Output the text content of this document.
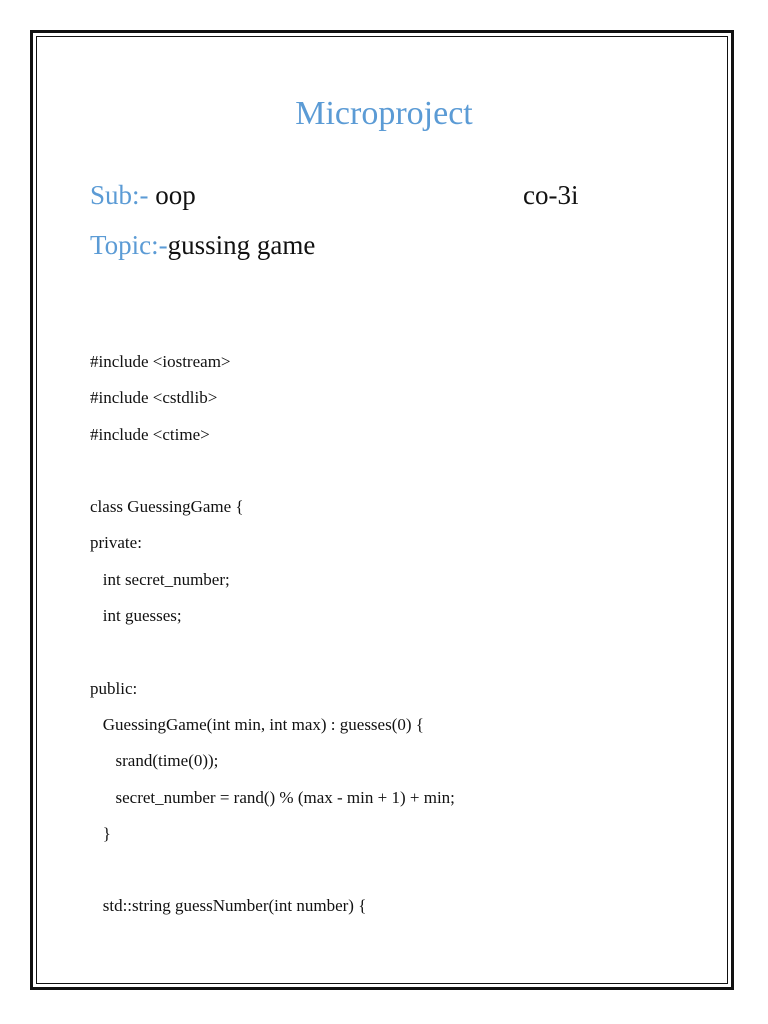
Microproject
Sub:- oop	co-3i
Topic:-gussing game
#include <iostream>
#include <cstdlib>
#include <ctime>
class GuessingGame {
private:
int secret_number;
int guesses;
public:
GuessingGame(int min, int max) : guesses(0) {
srand(time(0));
secret_number = rand() % (max - min + 1) + min;
}
std::string guessNumber(int number) {
